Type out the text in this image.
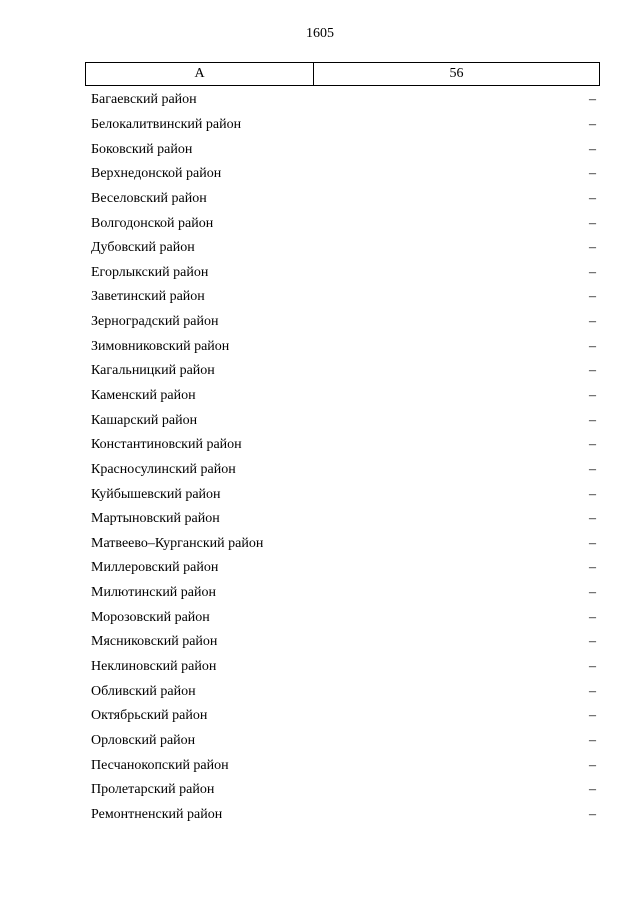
1605
А	56
Багаевский район	–
Белокалитвинский район	–
Боковский район	–
Верхнедонской район	–
Веселовский район	–
Волгодонской район	–
Дубовский район	–
Егорлыкский район	–
Заветинский район	–
Зерноградский район	–
Зимовниковский район	–
Кагальницкий район	–
Каменский район	–
Кашарский район	–
Константиновский район	–
Красносулинский район	–
Куйбышевский район	–
Мартыновский район	–
Матвеево–Курганский район	–
Миллеровский район	–
Милютинский район	–
Морозовский район	–
Мясниковский район	–
Неклиновский район	–
Обливский район	–
Октябрьский район	–
Орловский район	–
Песчанокопский район	–
Пролетарский район	–
Ремонтненский район	–
